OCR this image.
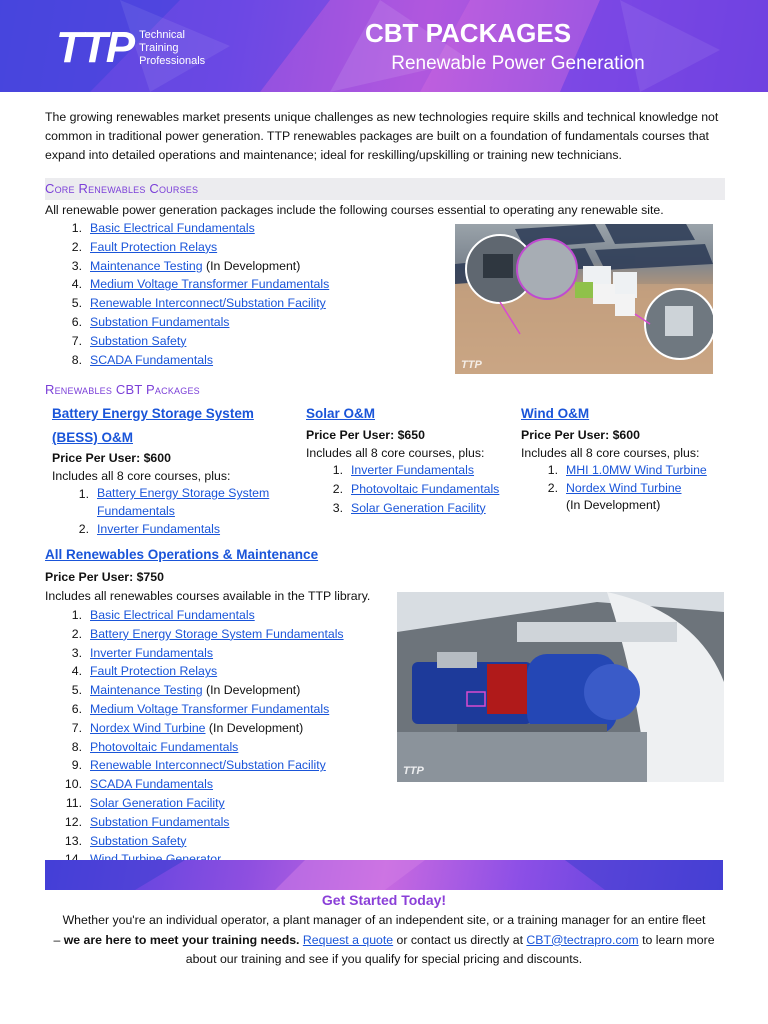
TTP Technical
Training
Professionals
CBT PACKAGES
Renewable Power Generation

The growing renewables market presents unique challenges as new technologies require skills and technical knowledge not common in traditional power generation. TTP renewables packages are built on a foundation of fundamentals courses that expand into detailed operations and maintenance; ideal for reskilling/upskilling or training new technicians.

Core Renewables Courses
All renewable power generation packages include the following courses essential to operating any renewable site.
1. Basic Electrical Fundamentals
2. Fault Protection Relays
3. Maintenance Testing (In Development)
4. Medium Voltage Transformer Fundamentals
5. Renewable Interconnect/Substation Facility
6. Substation Fundamentals
7. Substation Safety
8. SCADA Fundamentals	TTP
Renewables CBT Packages
Battery Energy Storage System
(BESS) O&M
Price Per User: $600
Includes all 8 core courses, plus:
1. Battery Energy Storage System
Fundamentals
2. Inverter Fundamentals
Solar O&M
Price Per User: $650
Includes all 8 core courses, plus:
1. Inverter Fundamentals
2. Photovoltaic Fundamentals
3. Solar Generation Facility
Wind O&M
Price Per User: $600
Includes all 8 core courses, plus:
1. MHI 1.0MW Wind Turbine
2. Nordex Wind Turbine
(In Development)
All Renewables Operations & Maintenance
Price Per User: $750
Includes all renewables courses available in the TTP library.
1. Basic Electrical Fundamentals
2. Battery Energy Storage System Fundamentals
3. Inverter Fundamentals
4. Fault Protection Relays
5. Maintenance Testing (In Development)
6. Medium Voltage Transformer Fundamentals
7. Nordex Wind Turbine (In Development)
8. Photovoltaic Fundamentals
9. Renewable Interconnect/Substation Facility
10. SCADA Fundamentals
11. Solar Generation Facility
12. Substation Fundamentals
13. Substation Safety
TTP
Get Started Today!
Whether you're an individual operator, a plant manager of an independent site, or a training manager for an entire fleet
– we are here to meet your training needs. Request a quote or contact us directly at CBT@tectrapro.com to learn more about our training and see if you qualify for special pricing and discounts.
